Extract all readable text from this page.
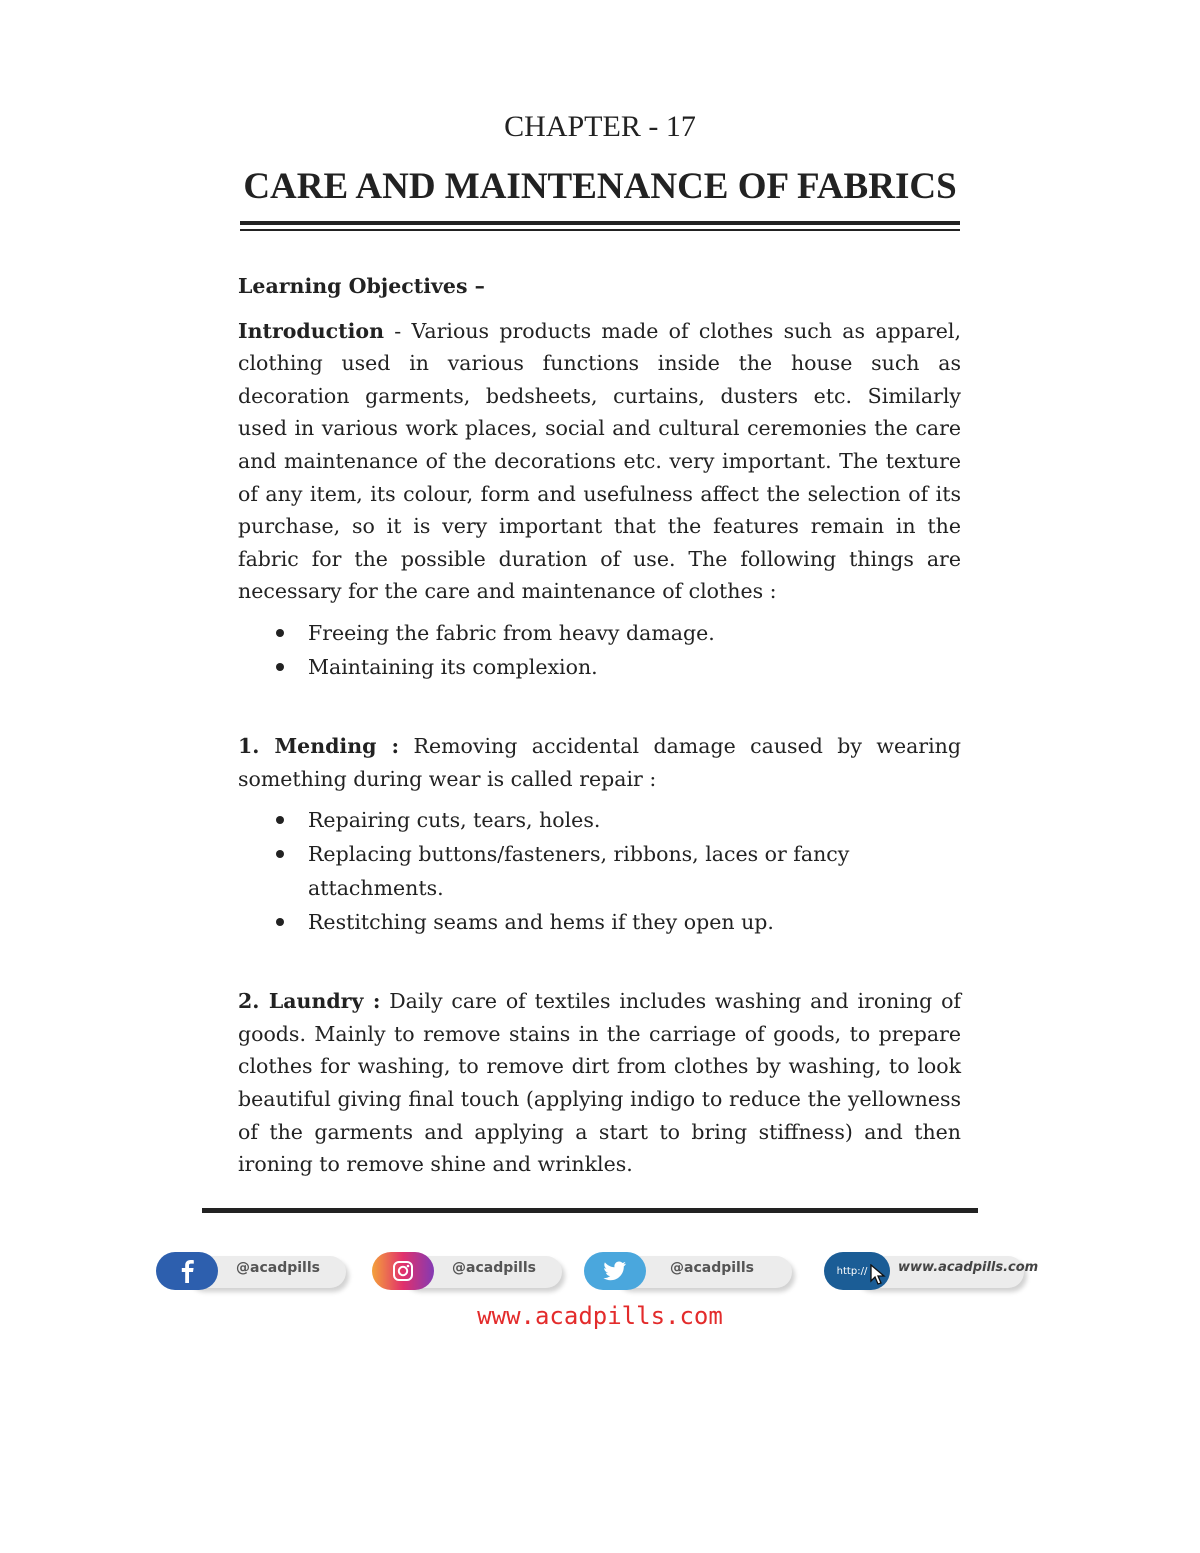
CHAPTER - 17
CARE AND MAINTENANCE OF FABRICS

Learning Objectives –

Introduction - Various products made of clothes such as apparel, clothing used in various functions inside the house such as decoration garments, bedsheets, curtains, dusters etc. Similarly used in various work places, social and cultural ceremonies the care and maintenance of the decorations etc. very important. The texture of any item, its colour, form and usefulness affect the selection of its purchase, so it is very important that the features remain in the fabric for the possible duration of use. The following things are necessary for the care and maintenance of clothes :

Freeing the fabric from heavy damage.
Maintaining its complexion.

1. Mending : Removing accidental damage caused by wearing something during wear is called repair :

Repairing cuts, tears, holes.
Replacing buttons/fasteners, ribbons, laces or fancy attachments.
Restitching seams and hems if they open up.

2. Laundry : Daily care of textiles includes washing and ironing of goods. Mainly to remove stains in the carriage of goods, to prepare clothes for washing, to remove dirt from clothes by washing, to look beautiful giving final touch (applying indigo to reduce the yellowness of the garments and applying a start to bring stiffness) and then ironing to remove shine and wrinkles.

@acadpills	@acadpills	@acadpills	http:// www.acadpills.com
www.acadpills.com
